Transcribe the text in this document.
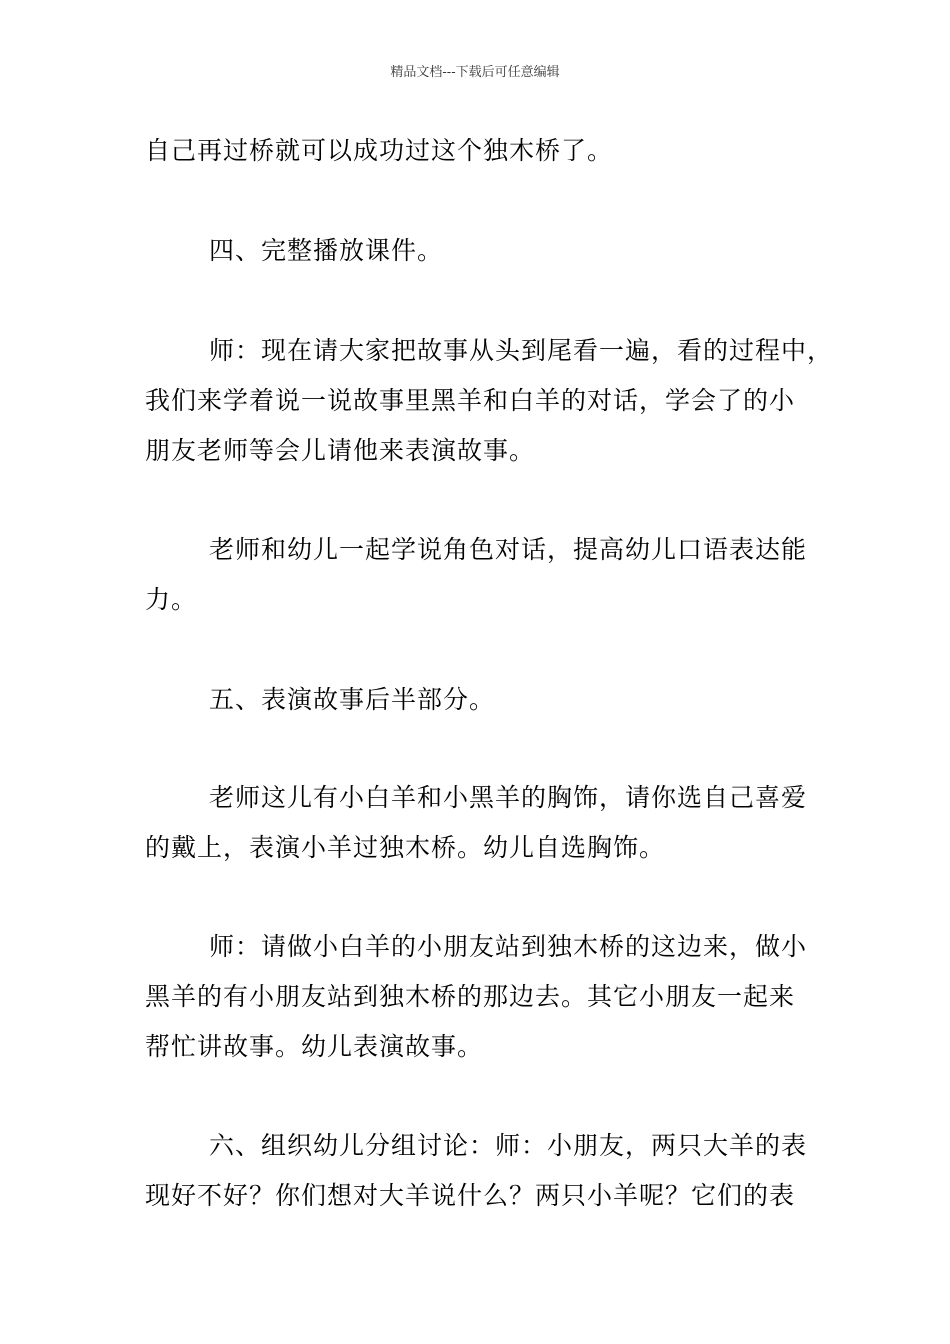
精品文档---下载后可任意编辑
自己再过桥就可以成功过这个独木桥了。
四、完整播放课件。
师：现在请大家把故事从头到尾看一遍，看的过程中，
我们来学着说一说故事里黑羊和白羊的对话，学会了的小
朋友老师等会儿请他来表演故事。
老师和幼儿一起学说角色对话，提高幼儿口语表达能
力。
五、表演故事后半部分。
老师这儿有小白羊和小黑羊的胸饰，请你选自己喜爱
的戴上，表演小羊过独木桥。幼儿自选胸饰。
师：请做小白羊的小朋友站到独木桥的这边来，做小
黑羊的有小朋友站到独木桥的那边去。其它小朋友一起来
帮忙讲故事。幼儿表演故事。
六、组织幼儿分组讨论：师：小朋友，两只大羊的表
现好不好？你们想对大羊说什么？两只小羊呢？它们的表
